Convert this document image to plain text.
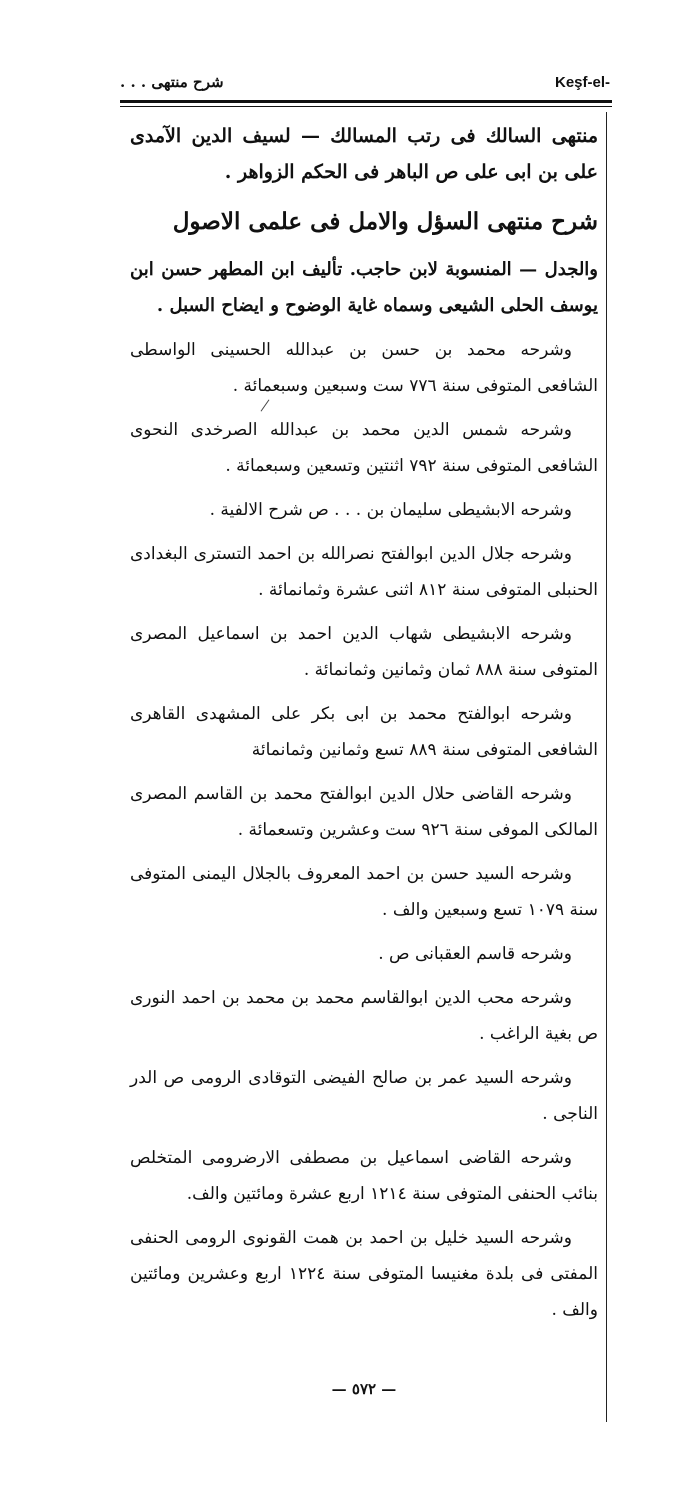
Keşf-el-
شرح منتهى . . .

منتهى السالك فى رتب المسالك — لسيف الدين الآمدى على بن ابى على ص الباهر فى الحكم الزواهر .

شرح منتهى السؤل والامل فى علمى الاصول

والجدل — المنسوبة لابن حاجب. تأليف ابن المطهر حسن ابن يوسف الحلى الشيعى وسماه غاية الوضوح و ايضاح السبل .

وشرحه محمد بن حسن بن عبدالله الحسينى الواسطى الشافعى المتوفى سنة ٧٧٦ ست وسبعين وسبعمائة .

وشرحه شمس الدين محمد بن عبدالله الصرخدى النحوى الشافعى المتوفى سنة ٧٩٢ اثنتين وتسعين وسبعمائة .

وشرحه الابشيطى سليمان بن . . . ص شرح الالفية .

وشرحه جلال الدين ابوالفتح نصرالله بن احمد التسترى البغدادى الحنبلى المتوفى سنة ٨١٢ اثنى عشرة وثمانمائة .

وشرحه الابشيطى شهاب الدين احمد بن اسماعيل المصرى المتوفى سنة ٨٨٨ ثمان وثمانين وثمانمائة .

وشرحه ابوالفتح محمد بن ابى بكر على المشهدى القاهرى الشافعى المتوفى سنة ٨٨٩ تسع وثمانين وثمانمائة

وشرحه القاضى حلال الدين ابوالفتح محمد بن القاسم المصرى المالكى الموفى سنة ٩٢٦ ست وعشرين وتسعمائة .

وشرحه السيد حسن بن احمد المعروف بالجلال اليمنى المتوفى سنة ١٠٧٩ تسع وسبعين والف .

وشرحه قاسم العقبانى ص .

وشرحه محب الدين ابوالقاسم محمد بن محمد بن احمد النورى ص بغية الراغب .

وشرحه السيد عمر بن صالح الفيضى التوقادى الرومى ص الدر الناجى .

وشرحه القاضى اسماعيل بن مصطفى الارضرومى المتخلص بنائب الحنفى المتوفى سنة ١٢١٤ اربع عشرة ومائتين والف.

وشرحه السيد خليل بن احمد بن همت القونوى الرومى الحنفى المفتى فى بلدة مغنيسا المتوفى سنة ١٢٢٤ اربع وعشرين ومائتين والف .

— ٥٧٢ —
